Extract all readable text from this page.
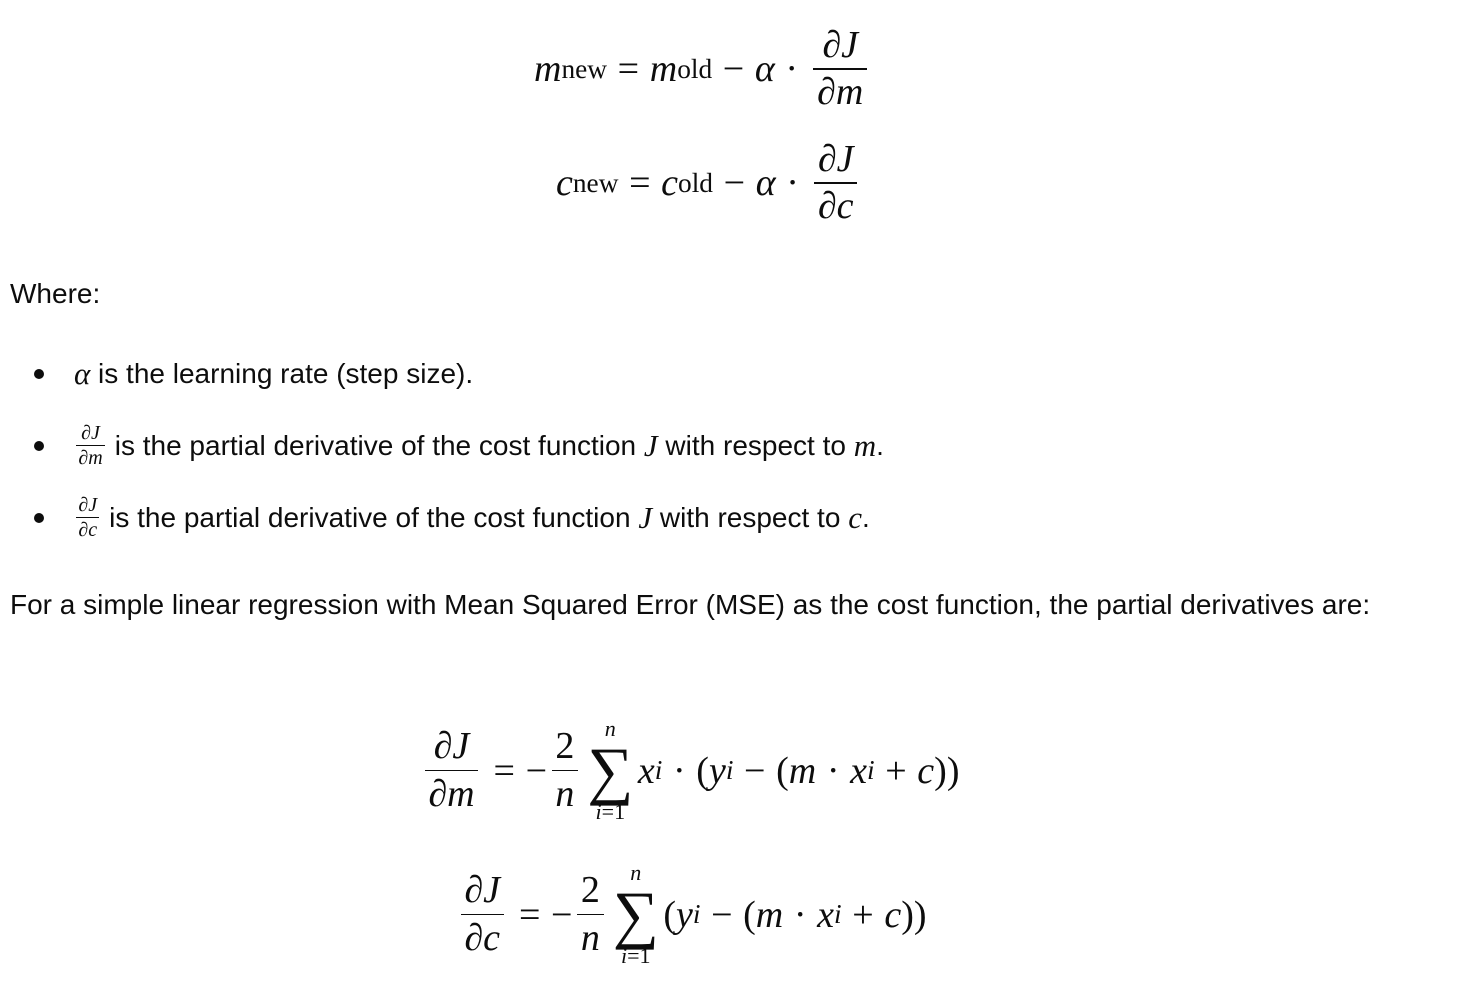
m new = m old − $\alpha \cdot \frac{\partial J}{\partial m}$
c new = c old − $\alpha \cdot \frac{\partial J}{\partial c}$
Where:
α is the learning rate (step size).
$\frac{\partial J}{\partial m}$ is the partial derivative of the cost function J with respect to m .
$\frac{\partial J}{\partial c}$ is the partial derivative of the cost function J with respect to c .

For a simple linear regression with Mean Squared Error (MSE) as the cost function, the partial derivatives are:

$\frac{\partial J}{\partial m}$ = − $\frac{2}{n}$ n
∑
i=1
x i · ( y i − ( m · x i + c ))
$\frac{\partial J}{\partial c}$ = − $\frac{2}{n}$ n
∑
i=1
( y i − ( m · x i + c ))
